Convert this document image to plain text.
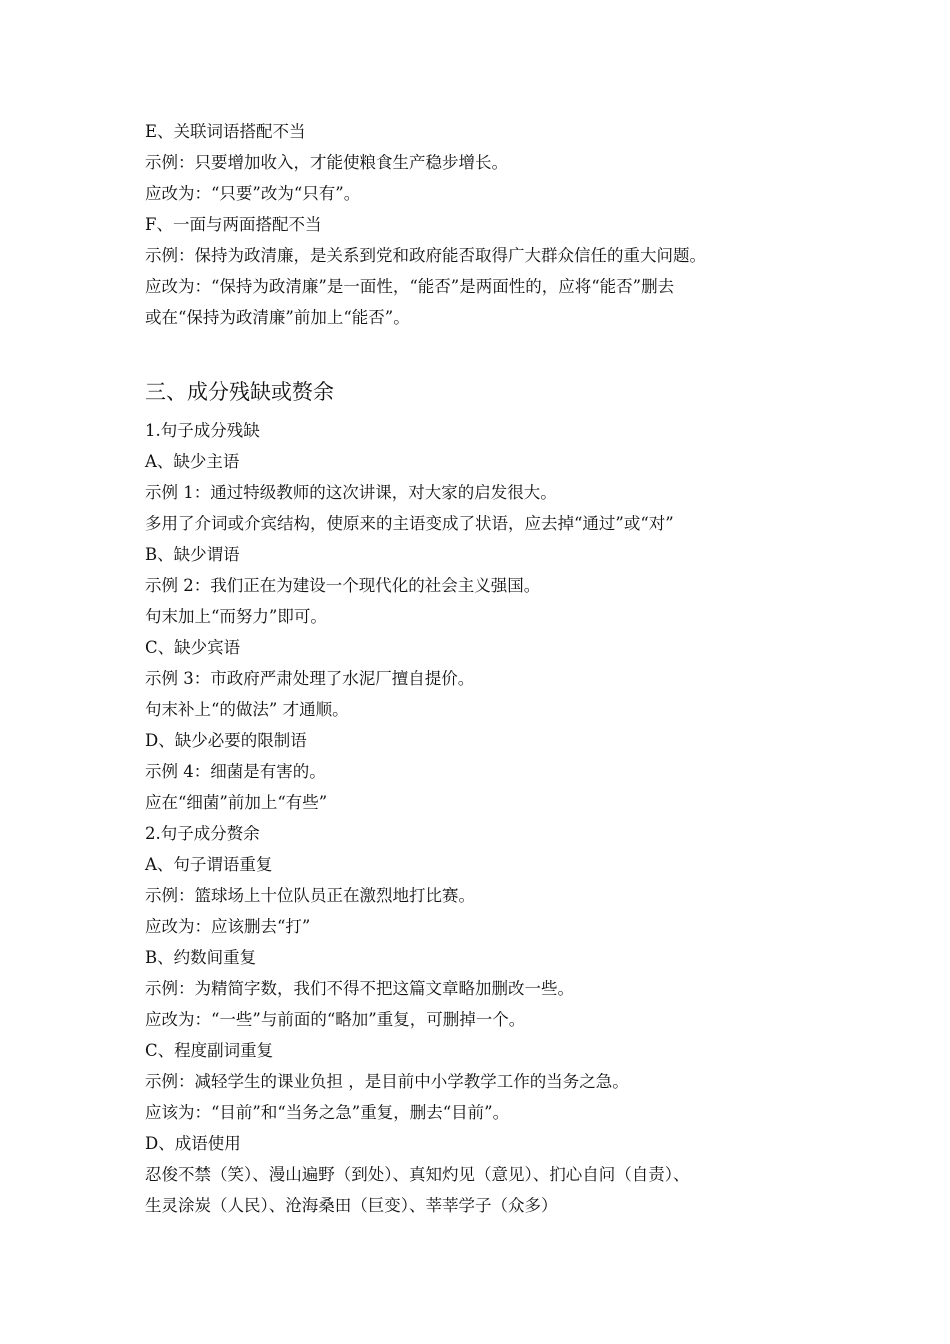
E、关联词语搭配不当
示例：只要增加收入，才能使粮食生产稳步增长。
应改为：“只要”改为“只有”。
F、一面与两面搭配不当
示例：保持为政清廉，是关系到党和政府能否取得广大群众信任的重大问题。
应改为：“保持为政清廉”是一面性，“能否”是两面性的，应将“能否”删去
或在“保持为政清廉”前加上“能否”。
三、成分残缺或赘余
1.句子成分残缺
A、缺少主语
示例 1：通过特级教师的这次讲课，对大家的启发很大。
多用了介词或介宾结构，使原来的主语变成了状语，应去掉“通过”或“对”
B、缺少谓语
示例 2：我们正在为建设一个现代化的社会主义强国。
句末加上“而努力”即可。
C、缺少宾语
示例 3：市政府严肃处理了水泥厂擅自提价。
句末补上“的做法” 才通顺。
D、缺少必要的限制语
示例 4：细菌是有害的。
应在“细菌”前加上“有些”
2.句子成分赘余
A、句子谓语重复
示例：篮球场上十位队员正在激烈地打比赛。
应改为：应该删去“打”
B、约数间重复
示例：为精简字数，我们不得不把这篇文章略加删改一些。
应改为：“一些”与前面的“略加”重复，可删掉一个。
C、程度副词重复
示例：减轻学生的课业负担 ，是目前中小学教学工作的当务之急。
应该为：“目前”和“当务之急”重复，删去“目前”。
D、成语使用
忍俊不禁（笑）、漫山遍野（到处）、真知灼见（意见）、扪心自问（自责）、
生灵涂炭（人民）、沧海桑田（巨变）、莘莘学子（众多）
